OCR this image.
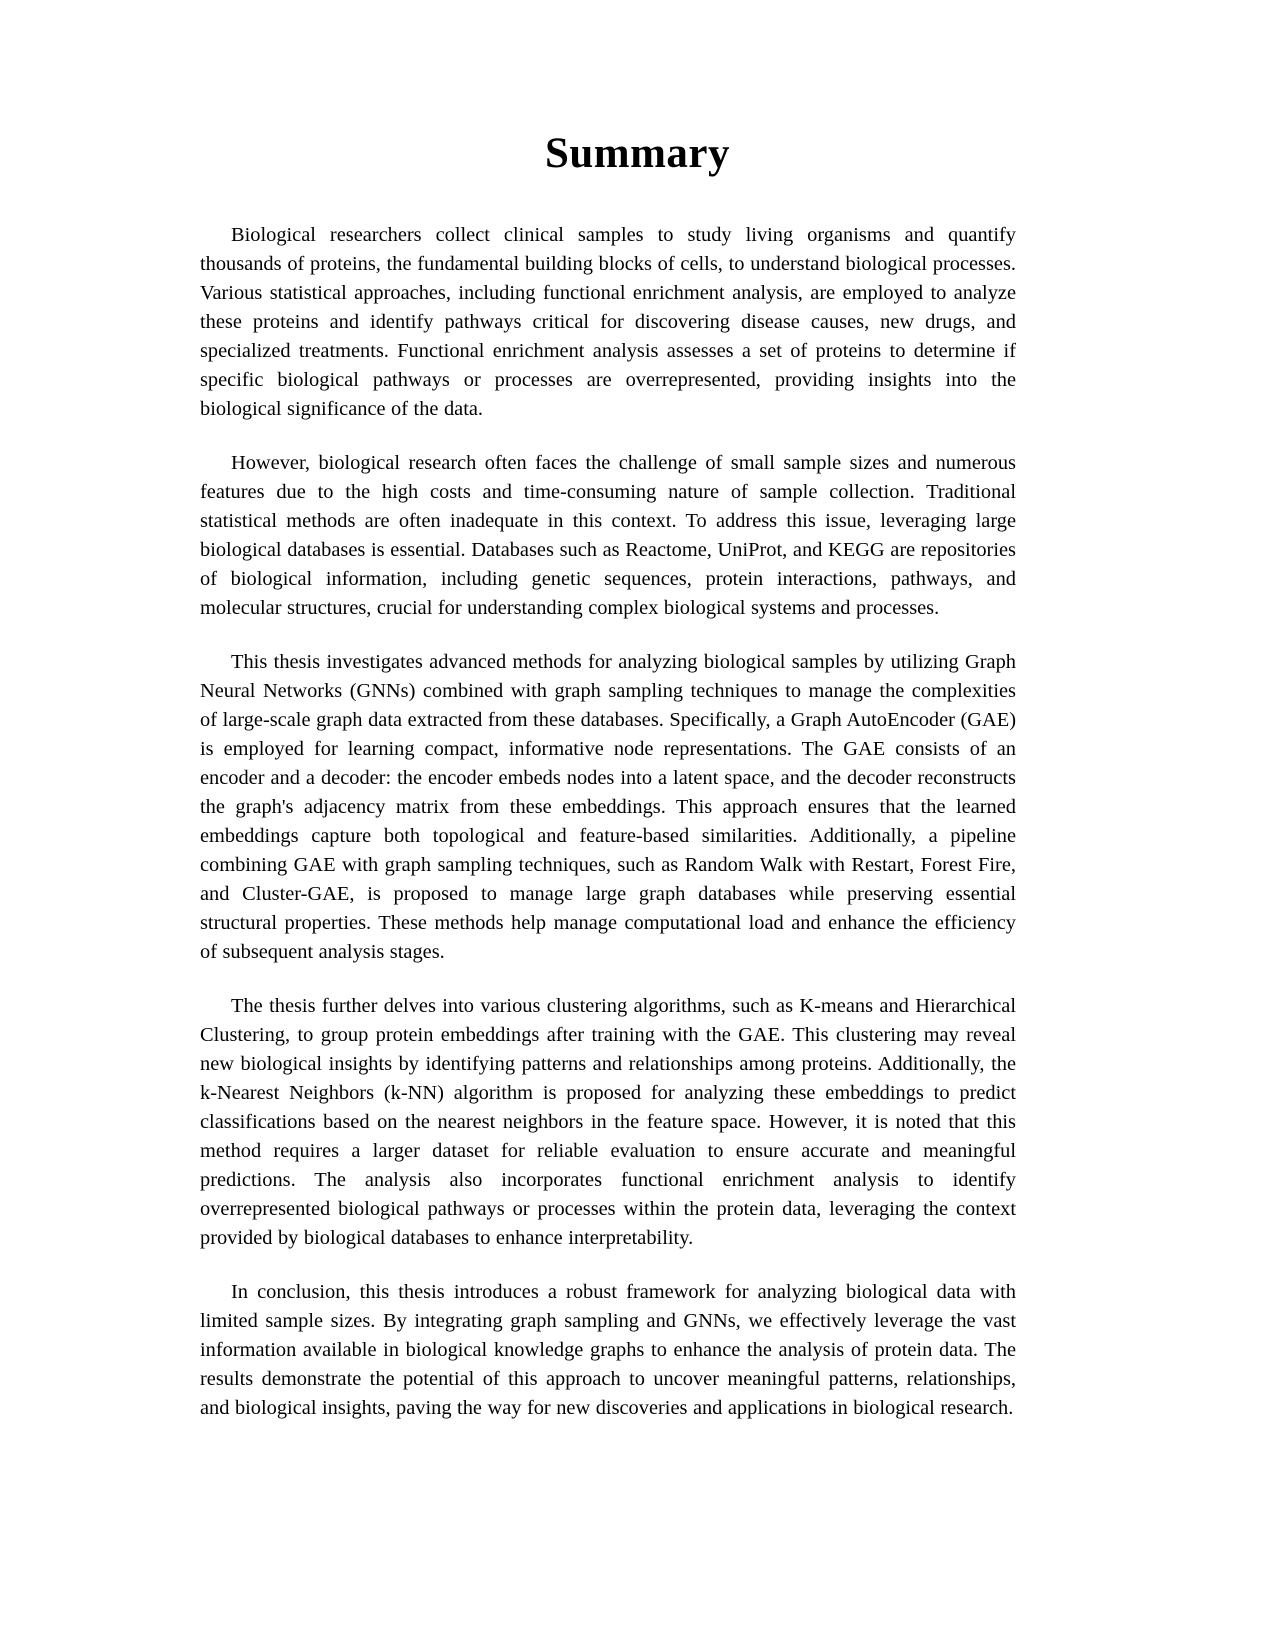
Summary

Biological researchers collect clinical samples to study living organisms and quantify thousands of proteins, the fundamental building blocks of cells, to understand biological processes. Various statistical approaches, including functional enrichment analysis, are employed to analyze these proteins and identify pathways critical for discovering disease causes, new drugs, and specialized treatments. Functional enrichment analysis assesses a set of proteins to determine if specific biological pathways or processes are overrepresented, providing insights into the biological significance of the data.

However, biological research often faces the challenge of small sample sizes and numerous features due to the high costs and time-consuming nature of sample collection. Traditional statistical methods are often inadequate in this context. To address this issue, leveraging large biological databases is essential. Databases such as Reactome, UniProt, and KEGG are repositories of biological information, including genetic sequences, protein interactions, pathways, and molecular structures, crucial for understanding complex biological systems and processes.

This thesis investigates advanced methods for analyzing biological samples by utilizing Graph Neural Networks (GNNs) combined with graph sampling techniques to manage the complexities of large-scale graph data extracted from these databases. Specifically, a Graph AutoEncoder (GAE) is employed for learning compact, informative node representations. The GAE consists of an encoder and a decoder: the encoder embeds nodes into a latent space, and the decoder reconstructs the graph's adjacency matrix from these embeddings. This approach ensures that the learned embeddings capture both topological and feature-based similarities. Additionally, a pipeline combining GAE with graph sampling techniques, such as Random Walk with Restart, Forest Fire, and Cluster-GAE, is proposed to manage large graph databases while preserving essential structural properties. These methods help manage computational load and enhance the efficiency of subsequent analysis stages.

The thesis further delves into various clustering algorithms, such as K-means and Hierarchical Clustering, to group protein embeddings after training with the GAE. This clustering may reveal new biological insights by identifying patterns and relationships among proteins. Additionally, the k-Nearest Neighbors (k-NN) algorithm is proposed for analyzing these embeddings to predict classifications based on the nearest neighbors in the feature space. However, it is noted that this method requires a larger dataset for reliable evaluation to ensure accurate and meaningful predictions. The analysis also incorporates functional enrichment analysis to identify overrepresented biological pathways or processes within the protein data, leveraging the context provided by biological databases to enhance interpretability.

In conclusion, this thesis introduces a robust framework for analyzing biological data with limited sample sizes. By integrating graph sampling and GNNs, we effectively leverage the vast information available in biological knowledge graphs to enhance the analysis of protein data. The results demonstrate the potential of this approach to uncover meaningful patterns, relationships, and biological insights, paving the way for new discoveries and applications in biological research.
